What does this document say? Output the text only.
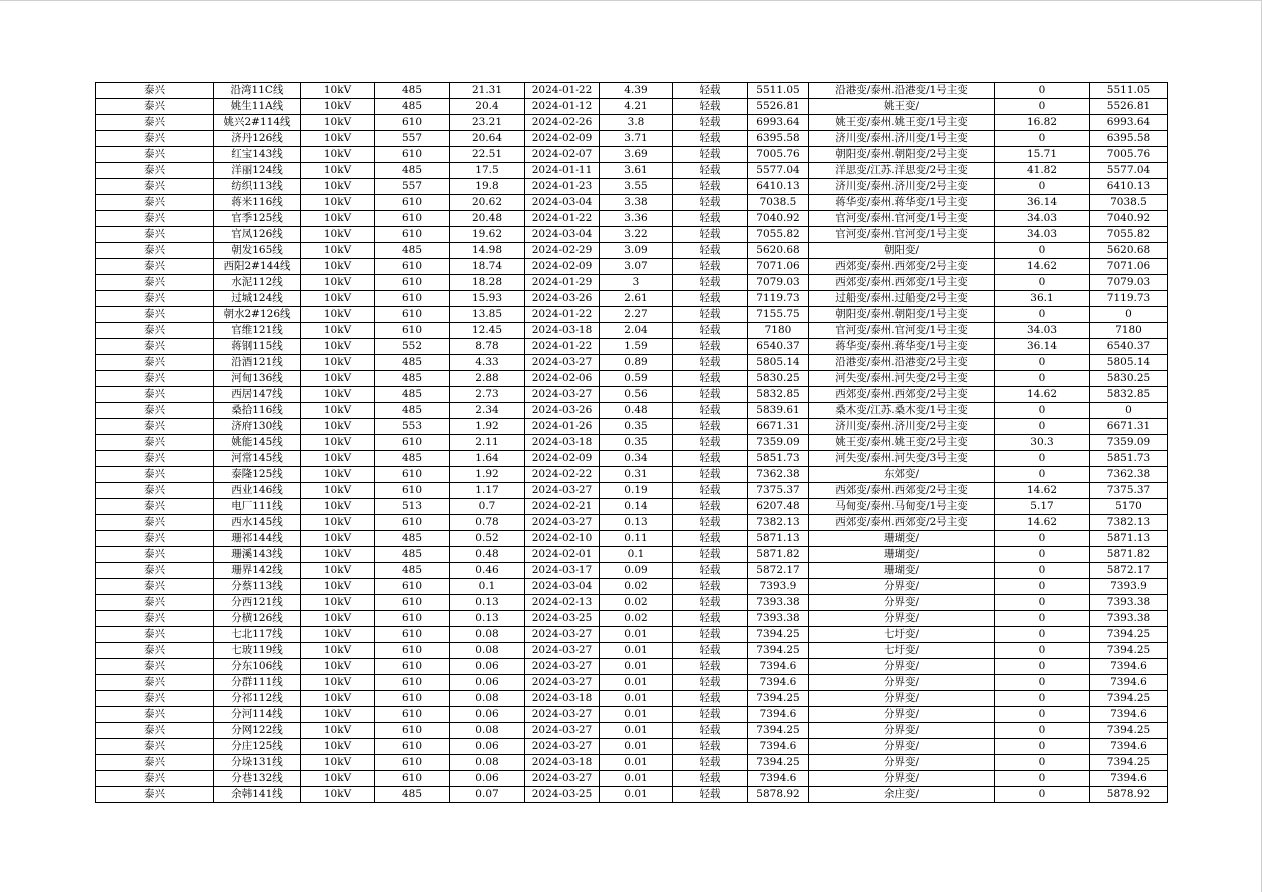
泰兴	沿湾11C线	10kV	485	21.31	2024-01-22	4.39	轻载	5511.05	沿港变/泰州.沿港变/1号主变	0	5511.05
泰兴	姚生11A线	10kV	485	20.4	2024-01-12	4.21	轻载	5526.81	姚王变/	0	5526.81
泰兴	姚兴2#114线	10kV	610	23.21	2024-02-26	3.8	轻载	6993.64	姚王变/泰州.姚王变/1号主变	16.82	6993.64
泰兴	济丹126线	10kV	557	20.64	2024-02-09	3.71	轻载	6395.58	济川变/泰州.济川变/1号主变	0	6395.58
泰兴	红宝143线	10kV	610	22.51	2024-02-07	3.69	轻载	7005.76	朝阳变/泰州.朝阳变/2号主变	15.71	7005.76
泰兴	洋丽124线	10kV	485	17.5	2024-01-11	3.61	轻载	5577.04	洋思变/江苏.洋思变/2号主变	41.82	5577.04
泰兴	纺织113线	10kV	557	19.8	2024-01-23	3.55	轻载	6410.13	济川变/泰州.济川变/2号主变	0	6410.13
泰兴	蒋米116线	10kV	610	20.62	2024-03-04	3.38	轻载	7038.5	蒋华变/泰州.蒋华变/1号主变	36.14	7038.5
泰兴	官季125线	10kV	610	20.48	2024-01-22	3.36	轻载	7040.92	官河变/泰州.官河变/1号主变	34.03	7040.92
泰兴	官凤126线	10kV	610	19.62	2024-03-04	3.22	轻载	7055.82	官河变/泰州.官河变/1号主变	34.03	7055.82
泰兴	朝发165线	10kV	485	14.98	2024-02-29	3.09	轻载	5620.68	朝阳变/	0	5620.68
泰兴	西阳2#144线	10kV	610	18.74	2024-02-09	3.07	轻载	7071.06	西郊变/泰州.西郊变/2号主变	14.62	7071.06
泰兴	水泥112线	10kV	610	18.28	2024-01-29	3	轻载	7079.03	西郊变/泰州.西郊变/1号主变	0	7079.03
泰兴	过城124线	10kV	610	15.93	2024-03-26	2.61	轻载	7119.73	过船变/泰州.过船变/2号主变	36.1	7119.73
泰兴	朝水2#126线	10kV	610	13.85	2024-01-22	2.27	轻载	7155.75	朝阳变/泰州.朝阳变/1号主变	0	0
泰兴	官维121线	10kV	610	12.45	2024-03-18	2.04	轻载	7180	官河变/泰州.官河变/1号主变	34.03	7180
泰兴	蒋钢115线	10kV	552	8.78	2024-01-22	1.59	轻载	6540.37	蒋华变/泰州.蒋华变/1号主变	36.14	6540.37
泰兴	沿酒121线	10kV	485	4.33	2024-03-27	0.89	轻载	5805.14	沿港变/泰州.沿港变/2号主变	0	5805.14
泰兴	河甸136线	10kV	485	2.88	2024-02-06	0.59	轻载	5830.25	河失变/泰州.河失变/2号主变	0	5830.25
泰兴	西居147线	10kV	485	2.73	2024-03-27	0.56	轻载	5832.85	西郊变/泰州.西郊变/2号主变	14.62	5832.85
泰兴	桑拾116线	10kV	485	2.34	2024-03-26	0.48	轻载	5839.61	桑木变/江苏.桑木变/1号主变	0	0
泰兴	济府130线	10kV	553	1.92	2024-01-26	0.35	轻载	6671.31	济川变/泰州.济川变/2号主变	0	6671.31
泰兴	姚能145线	10kV	610	2.11	2024-03-18	0.35	轻载	7359.09	姚王变/泰州.姚王变/2号主变	30.3	7359.09
泰兴	河常145线	10kV	485	1.64	2024-02-09	0.34	轻载	5851.73	河失变/泰州.河失变/3号主变	0	5851.73
泰兴	泰隆125线	10kV	610	1.92	2024-02-22	0.31	轻载	7362.38	东郊变/	0	7362.38
泰兴	西业146线	10kV	610	1.17	2024-03-27	0.19	轻载	7375.37	西郊变/泰州.西郊变/2号主变	14.62	7375.37
泰兴	电厂111线	10kV	513	0.7	2024-02-21	0.14	轻载	6207.48	马甸变/泰州.马甸变/1号主变	5.17	5170
泰兴	西水145线	10kV	610	0.78	2024-03-27	0.13	轻载	7382.13	西郊变/泰州.西郊变/2号主变	14.62	7382.13
泰兴	珊祁144线	10kV	485	0.52	2024-02-10	0.11	轻载	5871.13	珊瑚变/	0	5871.13
泰兴	珊溪143线	10kV	485	0.48	2024-02-01	0.1	轻载	5871.82	珊瑚变/	0	5871.82
泰兴	珊界142线	10kV	485	0.46	2024-03-17	0.09	轻载	5872.17	珊瑚变/	0	5872.17
泰兴	分蔡113线	10kV	610	0.1	2024-03-04	0.02	轻载	7393.9	分界变/	0	7393.9
泰兴	分西121线	10kV	610	0.13	2024-02-13	0.02	轻载	7393.38	分界变/	0	7393.38
泰兴	分横126线	10kV	610	0.13	2024-03-25	0.02	轻载	7393.38	分界变/	0	7393.38
泰兴	七北117线	10kV	610	0.08	2024-03-27	0.01	轻载	7394.25	七圩变/	0	7394.25
泰兴	七玻119线	10kV	610	0.08	2024-03-27	0.01	轻载	7394.25	七圩变/	0	7394.25
泰兴	分东106线	10kV	610	0.06	2024-03-27	0.01	轻载	7394.6	分界变/	0	7394.6
泰兴	分群111线	10kV	610	0.06	2024-03-27	0.01	轻载	7394.6	分界变/	0	7394.6
泰兴	分祁112线	10kV	610	0.08	2024-03-18	0.01	轻载	7394.25	分界变/	0	7394.25
泰兴	分河114线	10kV	610	0.06	2024-03-27	0.01	轻载	7394.6	分界变/	0	7394.6
泰兴	分网122线	10kV	610	0.08	2024-03-27	0.01	轻载	7394.25	分界变/	0	7394.25
泰兴	分庄125线	10kV	610	0.06	2024-03-27	0.01	轻载	7394.6	分界变/	0	7394.6
泰兴	分垛131线	10kV	610	0.08	2024-03-18	0.01	轻载	7394.25	分界变/	0	7394.25
泰兴	分巷132线	10kV	610	0.06	2024-03-27	0.01	轻载	7394.6	分界变/	0	7394.6
泰兴	余韩141线	10kV	485	0.07	2024-03-25	0.01	轻载	5878.92	余庄变/	0	5878.92
